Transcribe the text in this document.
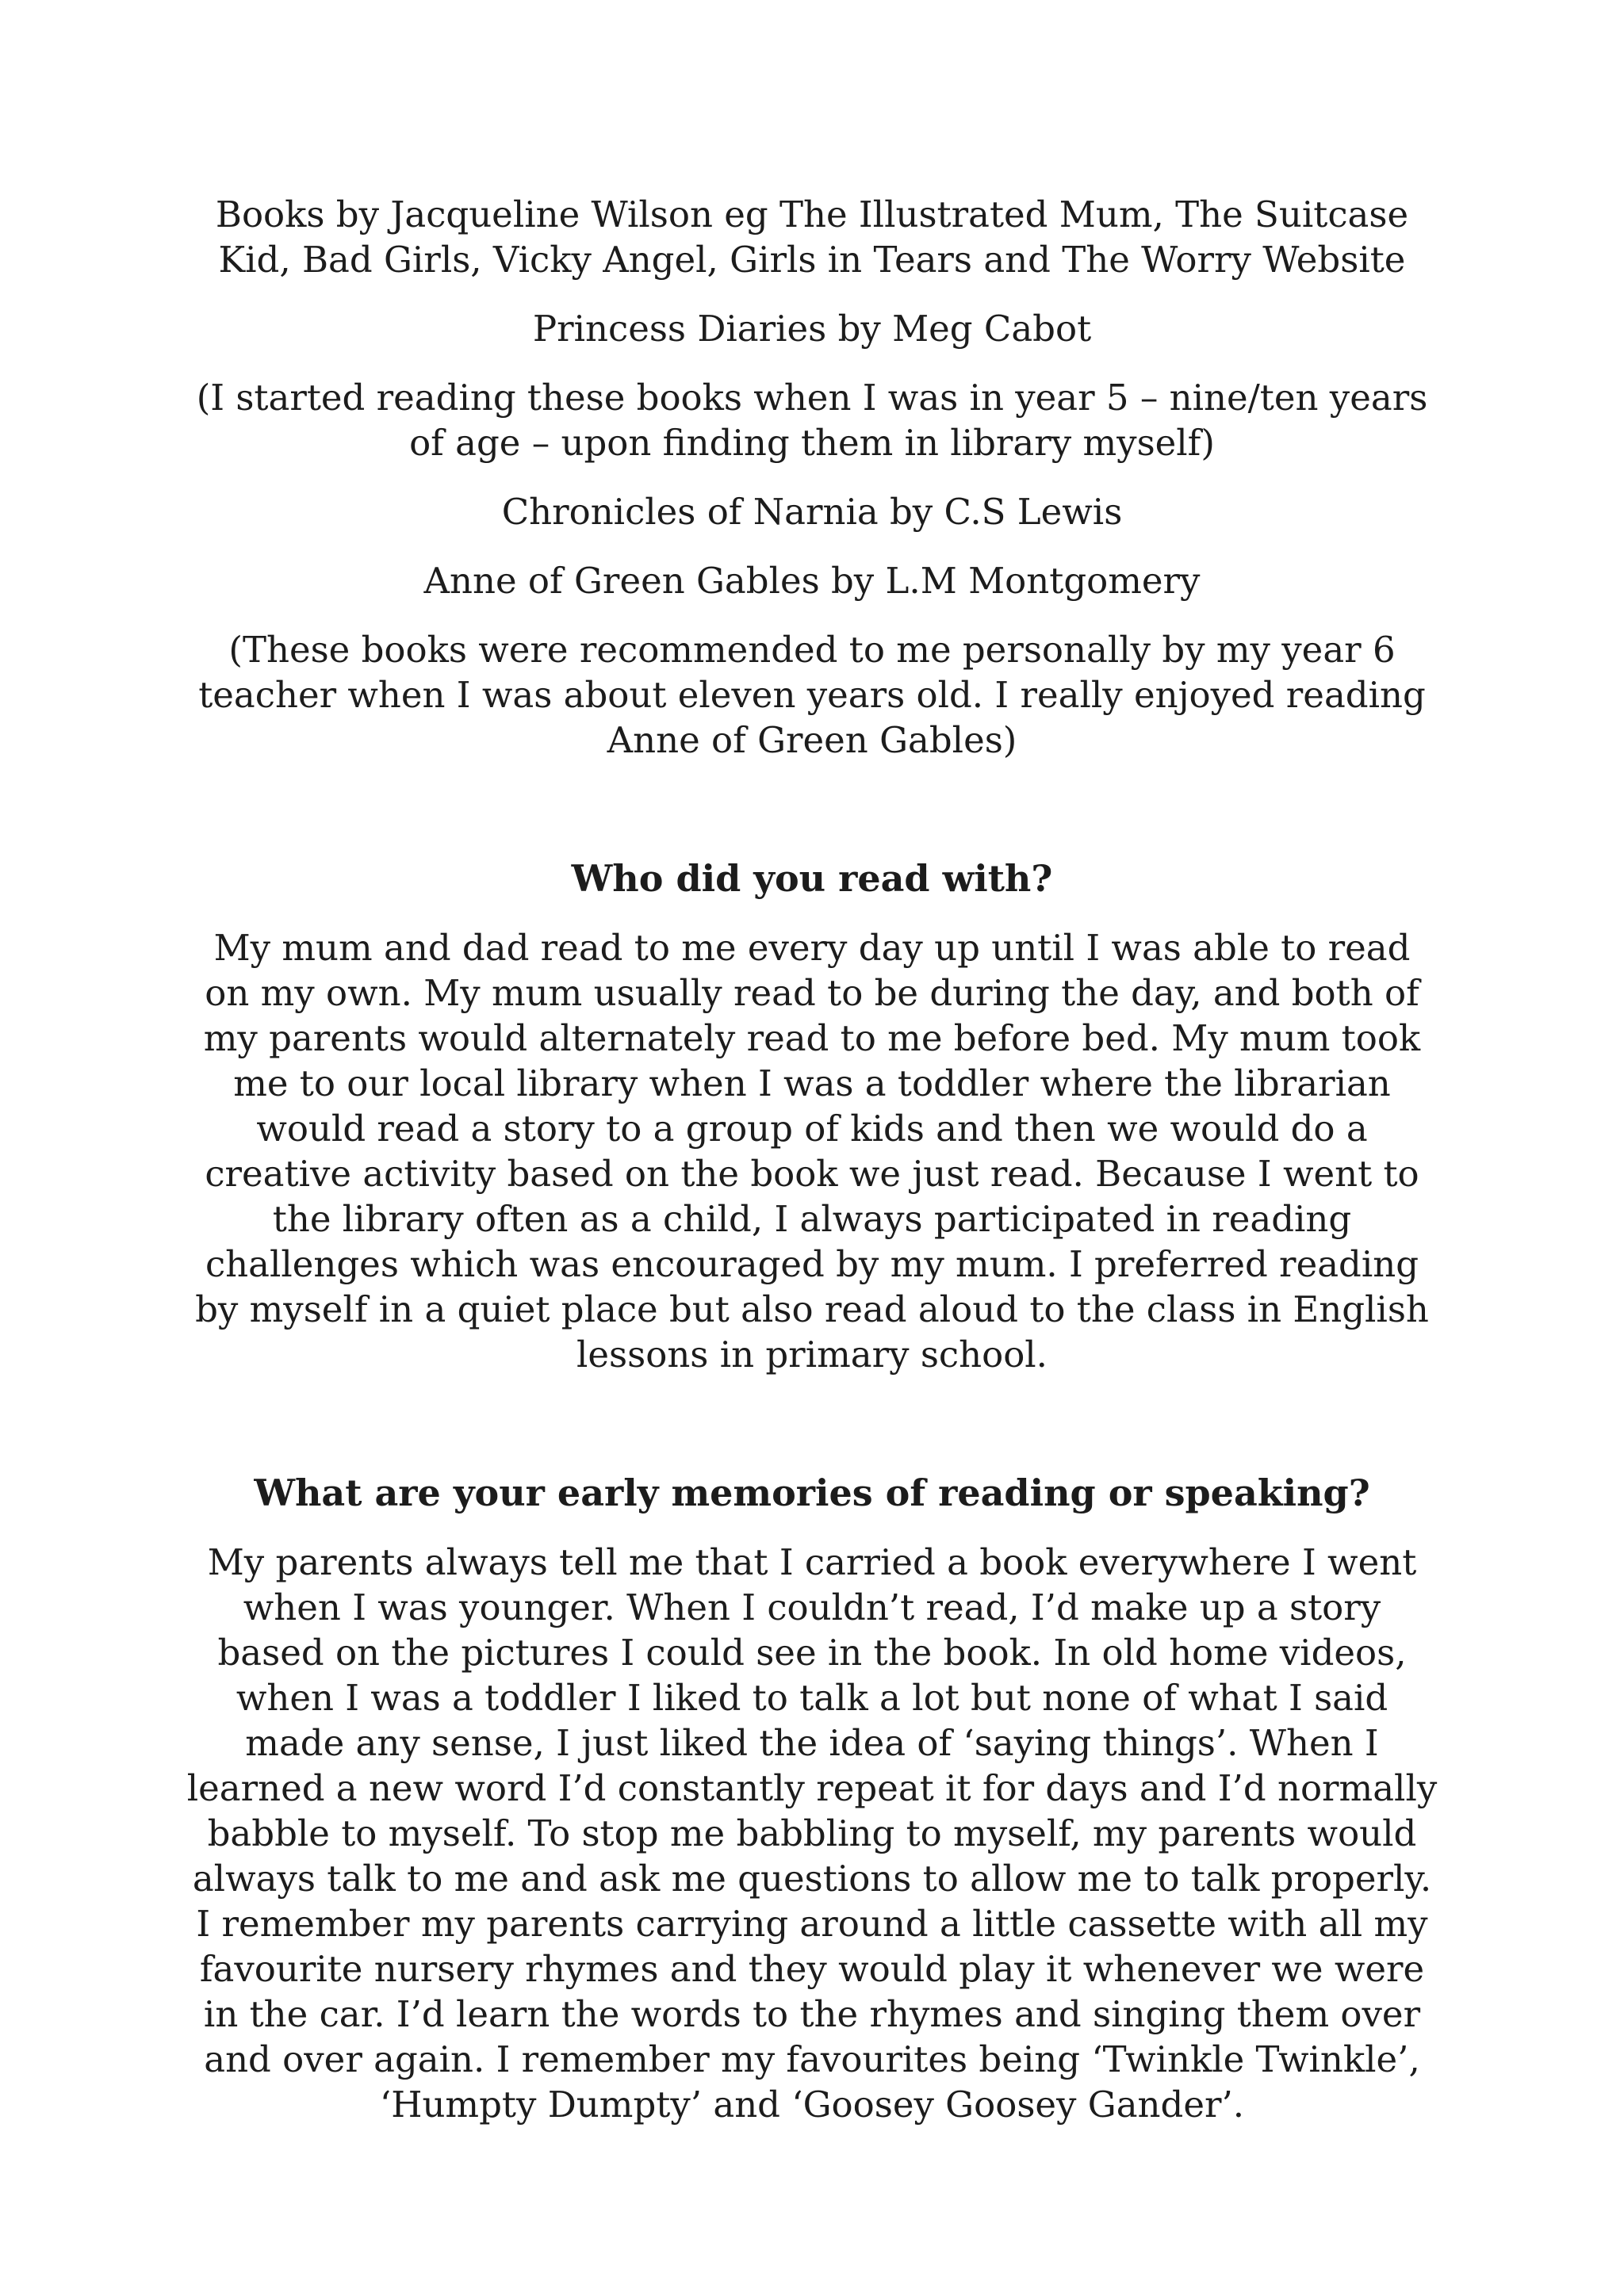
Books by Jacqueline Wilson eg The Illustrated Mum, The Suitcase Kid, Bad Girls, Vicky Angel, Girls in Tears and The Worry Website

Princess Diaries by Meg Cabot

(I started reading these books when I was in year 5 – nine/ten years of age – upon finding them in library myself)

Chronicles of Narnia by C.S Lewis

Anne of Green Gables by L.M Montgomery

(These books were recommended to me personally by my year 6 teacher when I was about eleven years old. I really enjoyed reading Anne of Green Gables)

Who did you read with?

My mum and dad read to me every day up until I was able to read on my own. My mum usually read to be during the day, and both of my parents would alternately read to me before bed. My mum took me to our local library when I was a toddler where the librarian would read a story to a group of kids and then we would do a creative activity based on the book we just read. Because I went to the library often as a child, I always participated in reading challenges which was encouraged by my mum. I preferred reading by myself in a quiet place but also read aloud to the class in English lessons in primary school.

What are your early memories of reading or speaking?

My parents always tell me that I carried a book everywhere I went when I was younger. When I couldn’t read, I’d make up a story based on the pictures I could see in the book. In old home videos, when I was a toddler I liked to talk a lot but none of what I said made any sense, I just liked the idea of ‘saying things’. When I learned a new word I’d constantly repeat it for days and I’d normally babble to myself. To stop me babbling to myself, my parents would always talk to me and ask me questions to allow me to talk properly. I remember my parents carrying around a little cassette with all my favourite nursery rhymes and they would play it whenever we were in the car. I’d learn the words to the rhymes and singing them over and over again. I remember my favourites being ‘Twinkle Twinkle’, ‘Humpty Dumpty’ and ‘Goosey Goosey Gander’.
